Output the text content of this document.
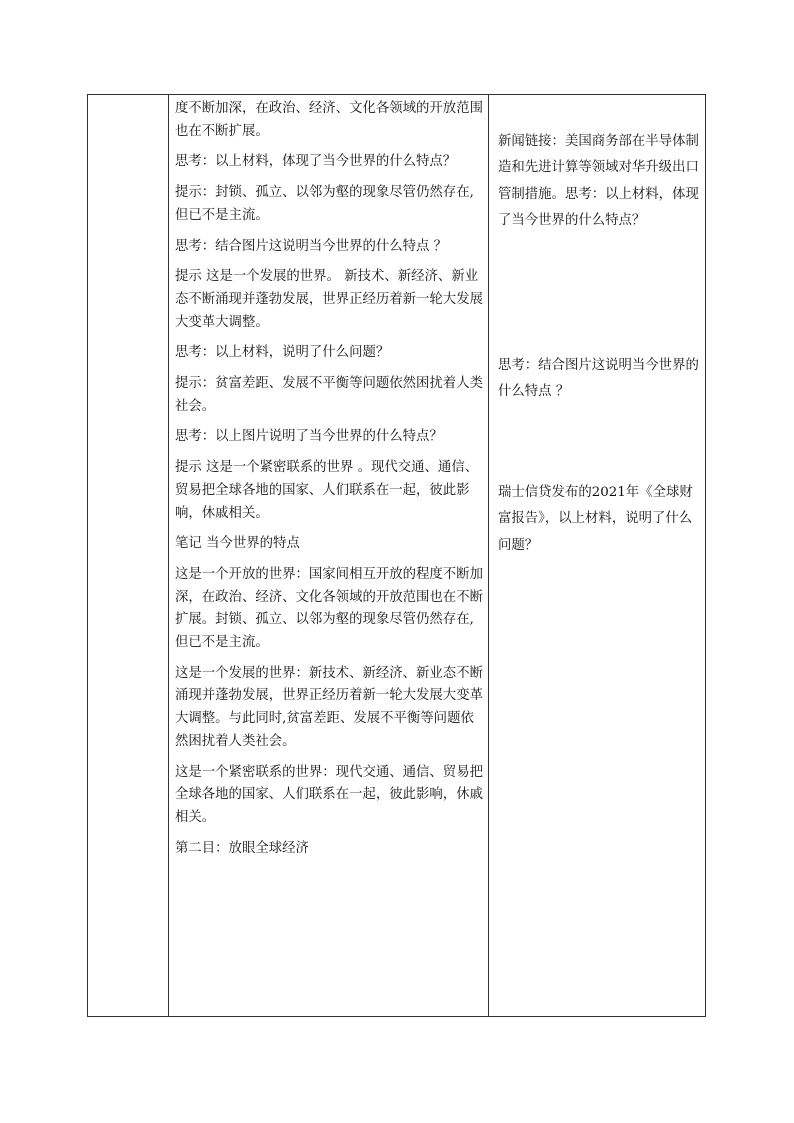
度不断加深，在政治、经济、文化各领域的开放范围也在不断扩展。

思考：以上材料，体现了当今世界的什么特点？

提示：封锁、孤立、以邻为壑的现象尽管仍然存在,但已不是主流。

思考：结合图片这说明当今世界的什么特点 ？

提示 这是一个发展的世界。 新技术、新经济、新业态不断涌现并蓬勃发展，世界正经历着新一轮大发展大变革大调整。

思考：以上材料，说明了什么问题？

提示：贫富差距、发展不平衡等问题依然困扰着人类社会。

思考：以上图片说明了当今世界的什么特点？

提示 这是一个紧密联系的世界 。现代交通、通信、贸易把全球各地的国家、人们联系在一起，彼此影响，休戚相关。

笔记 当今世界的特点

这是一个开放的世界：国家间相互开放的程度不断加深，在政治、经济、文化各领域的开放范围也在不断扩展。封锁、孤立、以邻为壑的现象尽管仍然存在,但已不是主流。

这是一个发展的世界：新技术、新经济、新业态不断涌现并蓬勃发展，世界正经历着新一轮大发展大变革大调整。与此同时,贫富差距、发展不平衡等问题依然困扰着人类社会。

这是一个紧密联系的世界：现代交通、通信、贸易把全球各地的国家、人们联系在一起，彼此影响，休戚相关。

第二目：放眼全球经济

新闻链接：美国商务部在半导体制造和先进计算等领域对华升级出口管制措施。思考：以上材料，体现了当今世界的什么特点？

思考：结合图片这说明当今世界的什么特点 ？

瑞士信贷发布的2021年《全球财富报告》，以上材料，说明了什么问题？
